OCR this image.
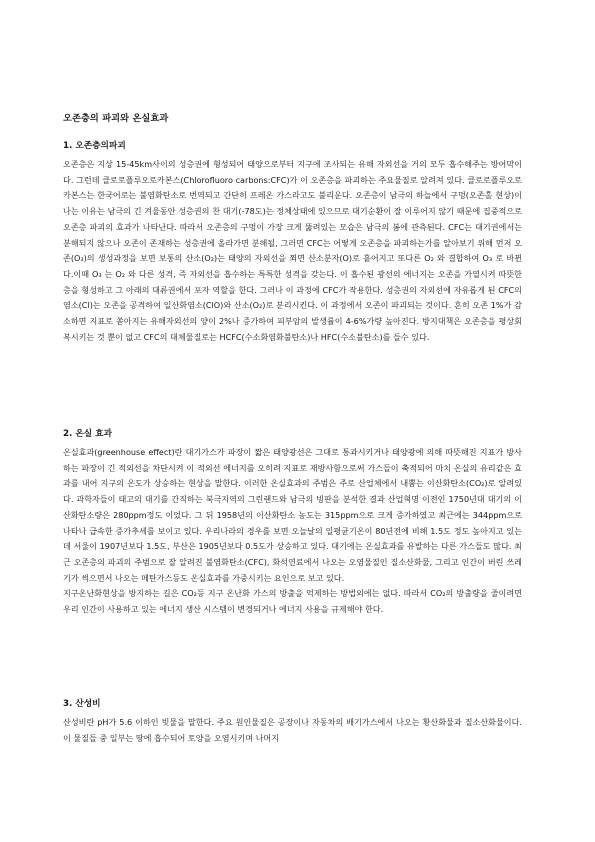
오존층의 파괴와 온실효과
1. 오존층의파괴

오존층은 지상 15-45km사이의 성층권에 형성되어 태양으로부터 지구에 조사되는 유해 자외선을 거의 모두 흡수해주는 방어막이다. 그런데 클로로플루오로카본스(Chlorofluoro carbons:CFC)가 이 오존층을 파괴하는 주요물질로 알려져 있다. 클로로플루오로카본스는 한국어로는 불염화탄소로 번역되고 간단히 프레온 가스라고도 불리운다. 오존층이 남극의 하늘에서 구멍(오존홀 현상)이 나는 이유는 남극의 긴 겨울동안 성층권의 찬 대기(-78도)는 정체상태에 있으므로 대기순환이 잘 이루어지 않기 때문에 집중적으로 오존층 파괴의 효과가 나타난다. 따라서 오존층의 구멍이 가장 크게 뚫려있는 모습은 남극의 봄에 관측된다. CFC는 대기권에서는 분해되지 않으나 오존이 존재하는 성층권에 올라가면 분해될, 그러면 CFC는 어떻게 오존층을 파괴하는가를 알아보기 위해 먼저 오존(O₃)의 생성과정을 보면 보통의 산소(O₂)는 태양의 자외선을 쬐면 산소분자(O)로 흩어지고 또다른 O₂ 와 결합하여 O₃ 로 바뀐다.이때 O₃ 는 O₂ 와 다른 성격, 즉 자외선을 흡수하는 특특한 성격을 갖는다. 이 흡수된 광선의 에너지는 오존을 가열시켜 따뜻한 층을 형성하고 그 아래의 대류권에서 포자 역할을 한다. 그러나 이 과정에 CFC가 작용한다. 성층권의 자외선에 자유롭게 된 CFC의 염소(Cl)는 오존을 공격하여 일산화염소(ClO)와 산소(O₂)로 분리시킨다. 이 과정에서 오존이 파괴되는 것이다. 흔히 오존 1%가 감소하면 지표로 쏟아지는 유해자외선의 양이 2%나 증가하여 피부암의 발생률이 4-6%가량 높아진다. 방지대책은 오존층을 평상회복시키는 것 뿐이 없고 CFC의 대체물질로는 HCFC(수소화염화불탄소)나 HFC(수소불탄소)를 들수 있다.

2. 온실 효과

온실효과(greenhouse effect)란 대기가스가 파장이 짧은 태양광선은 그대로 통과시키거나 태양광에 의해 따뜻해진 지표가 방사하는 파장이 긴 적외선을 차단시켜 이 적외선 에너지를 오히려 지표로 재방사함으로써 가스들이 축적되어 마치 온실의 유리같은 효과를 내어 지구의 온도가 상승하는 현상을 말한다. 이러한 온실효과의 주범은 주로 산업체에서 내뿜는 이산화탄소(CO₂)로 알려있다. 과학자들이 태고의 대기를 간직하는 북극지역의 그린랜드와 남극의 빙판을 분석한 결과 산업혁명 이전인 1750년대 대기의 이산화탄소량은 280ppm정도 이었다. 그 뒤 1958년의 이산화탄소 농도는 315ppm으로 크게 증가하였고 최근에는 344ppm으로 나타나 급속한 증가추세를 보이고 있다. 우리나라의 경우를 보면 오늘날의 일평균기온이 80년전에 비해 1.5도 정도 높아지고 있는데 서울이 1907년보다 1.5도, 부산은 1905년보다 0.5도가 상승하고 있다. 대기에는 온실효과를 유발하는 다른 가스들도 많다. 최근 오존층의 파괴의 주범으로 잘 알려진 불염화탄소(CFC), 화석연료에서 나오는 오염물질인 질소산화물, 그리고 인간이 버린 쓰레기가 썩으면서 나오는 메탄가스등도 온실효과를 가중시키는 요인으로 보고 있다.

지구온난화현상을 방지하는 길은 CO₂등 지구 온난화 가스의 방출을 억제하는 방법외에는 없다. 따라서 CO₂의 방출량을 줄이려면 우리 인간이 사용하고 있는 에너지 생산 시스템이 변경되거나 에너지 사용을 규제해야 한다.

3. 산성비

산성비란 pH가 5.6 이하인 빗물을 말한다. 주요 원인물질은 공장이나 자동차의 배기가스에서 나오는 황산화물과 질소산화물이다. 이 물질들 중 일부는 땅에 흡수되어 토양을 오염시키며 나머지
